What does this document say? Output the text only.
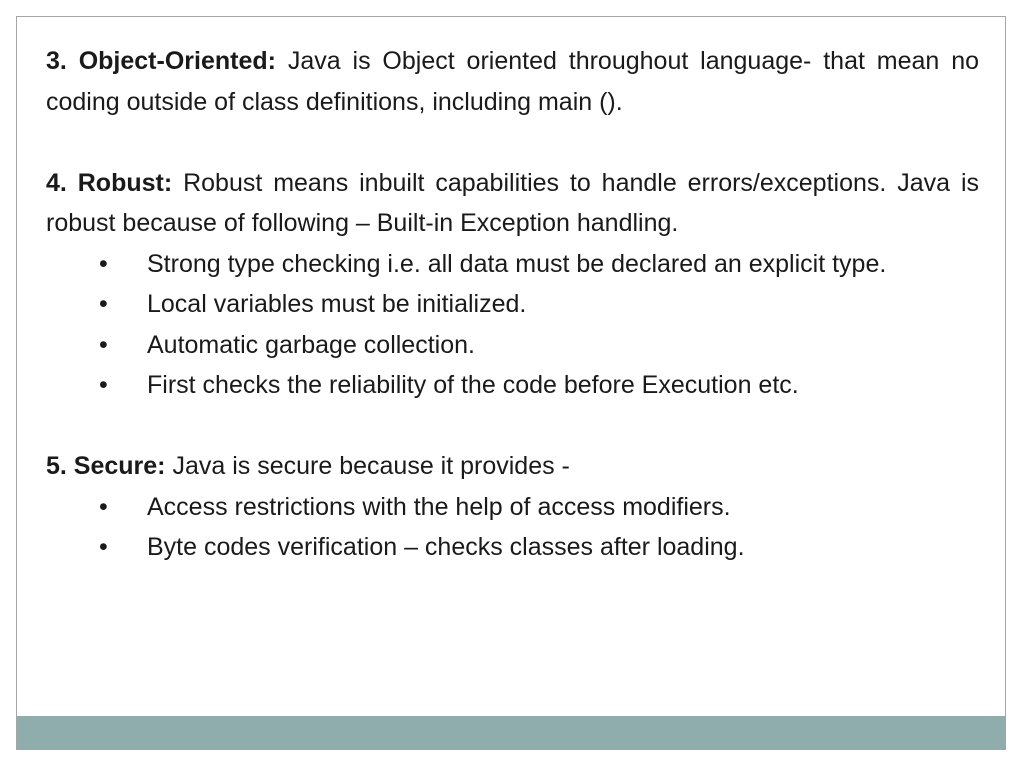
3. Object-Oriented: Java is Object oriented throughout language- that mean no coding outside of class definitions, including main ().

4. Robust: Robust means inbuilt capabilities to handle errors/exceptions. Java is robust because of following – Built-in Exception handling.

• Strong type checking i.e. all data must be declared an explicit type.
• Local variables must be initialized.
• Automatic garbage collection.
• First checks the reliability of the code before Execution etc.

5. Secure: Java is secure because it provides -

• Access restrictions with the help of access modifiers.
• Byte codes verification – checks classes after loading.
